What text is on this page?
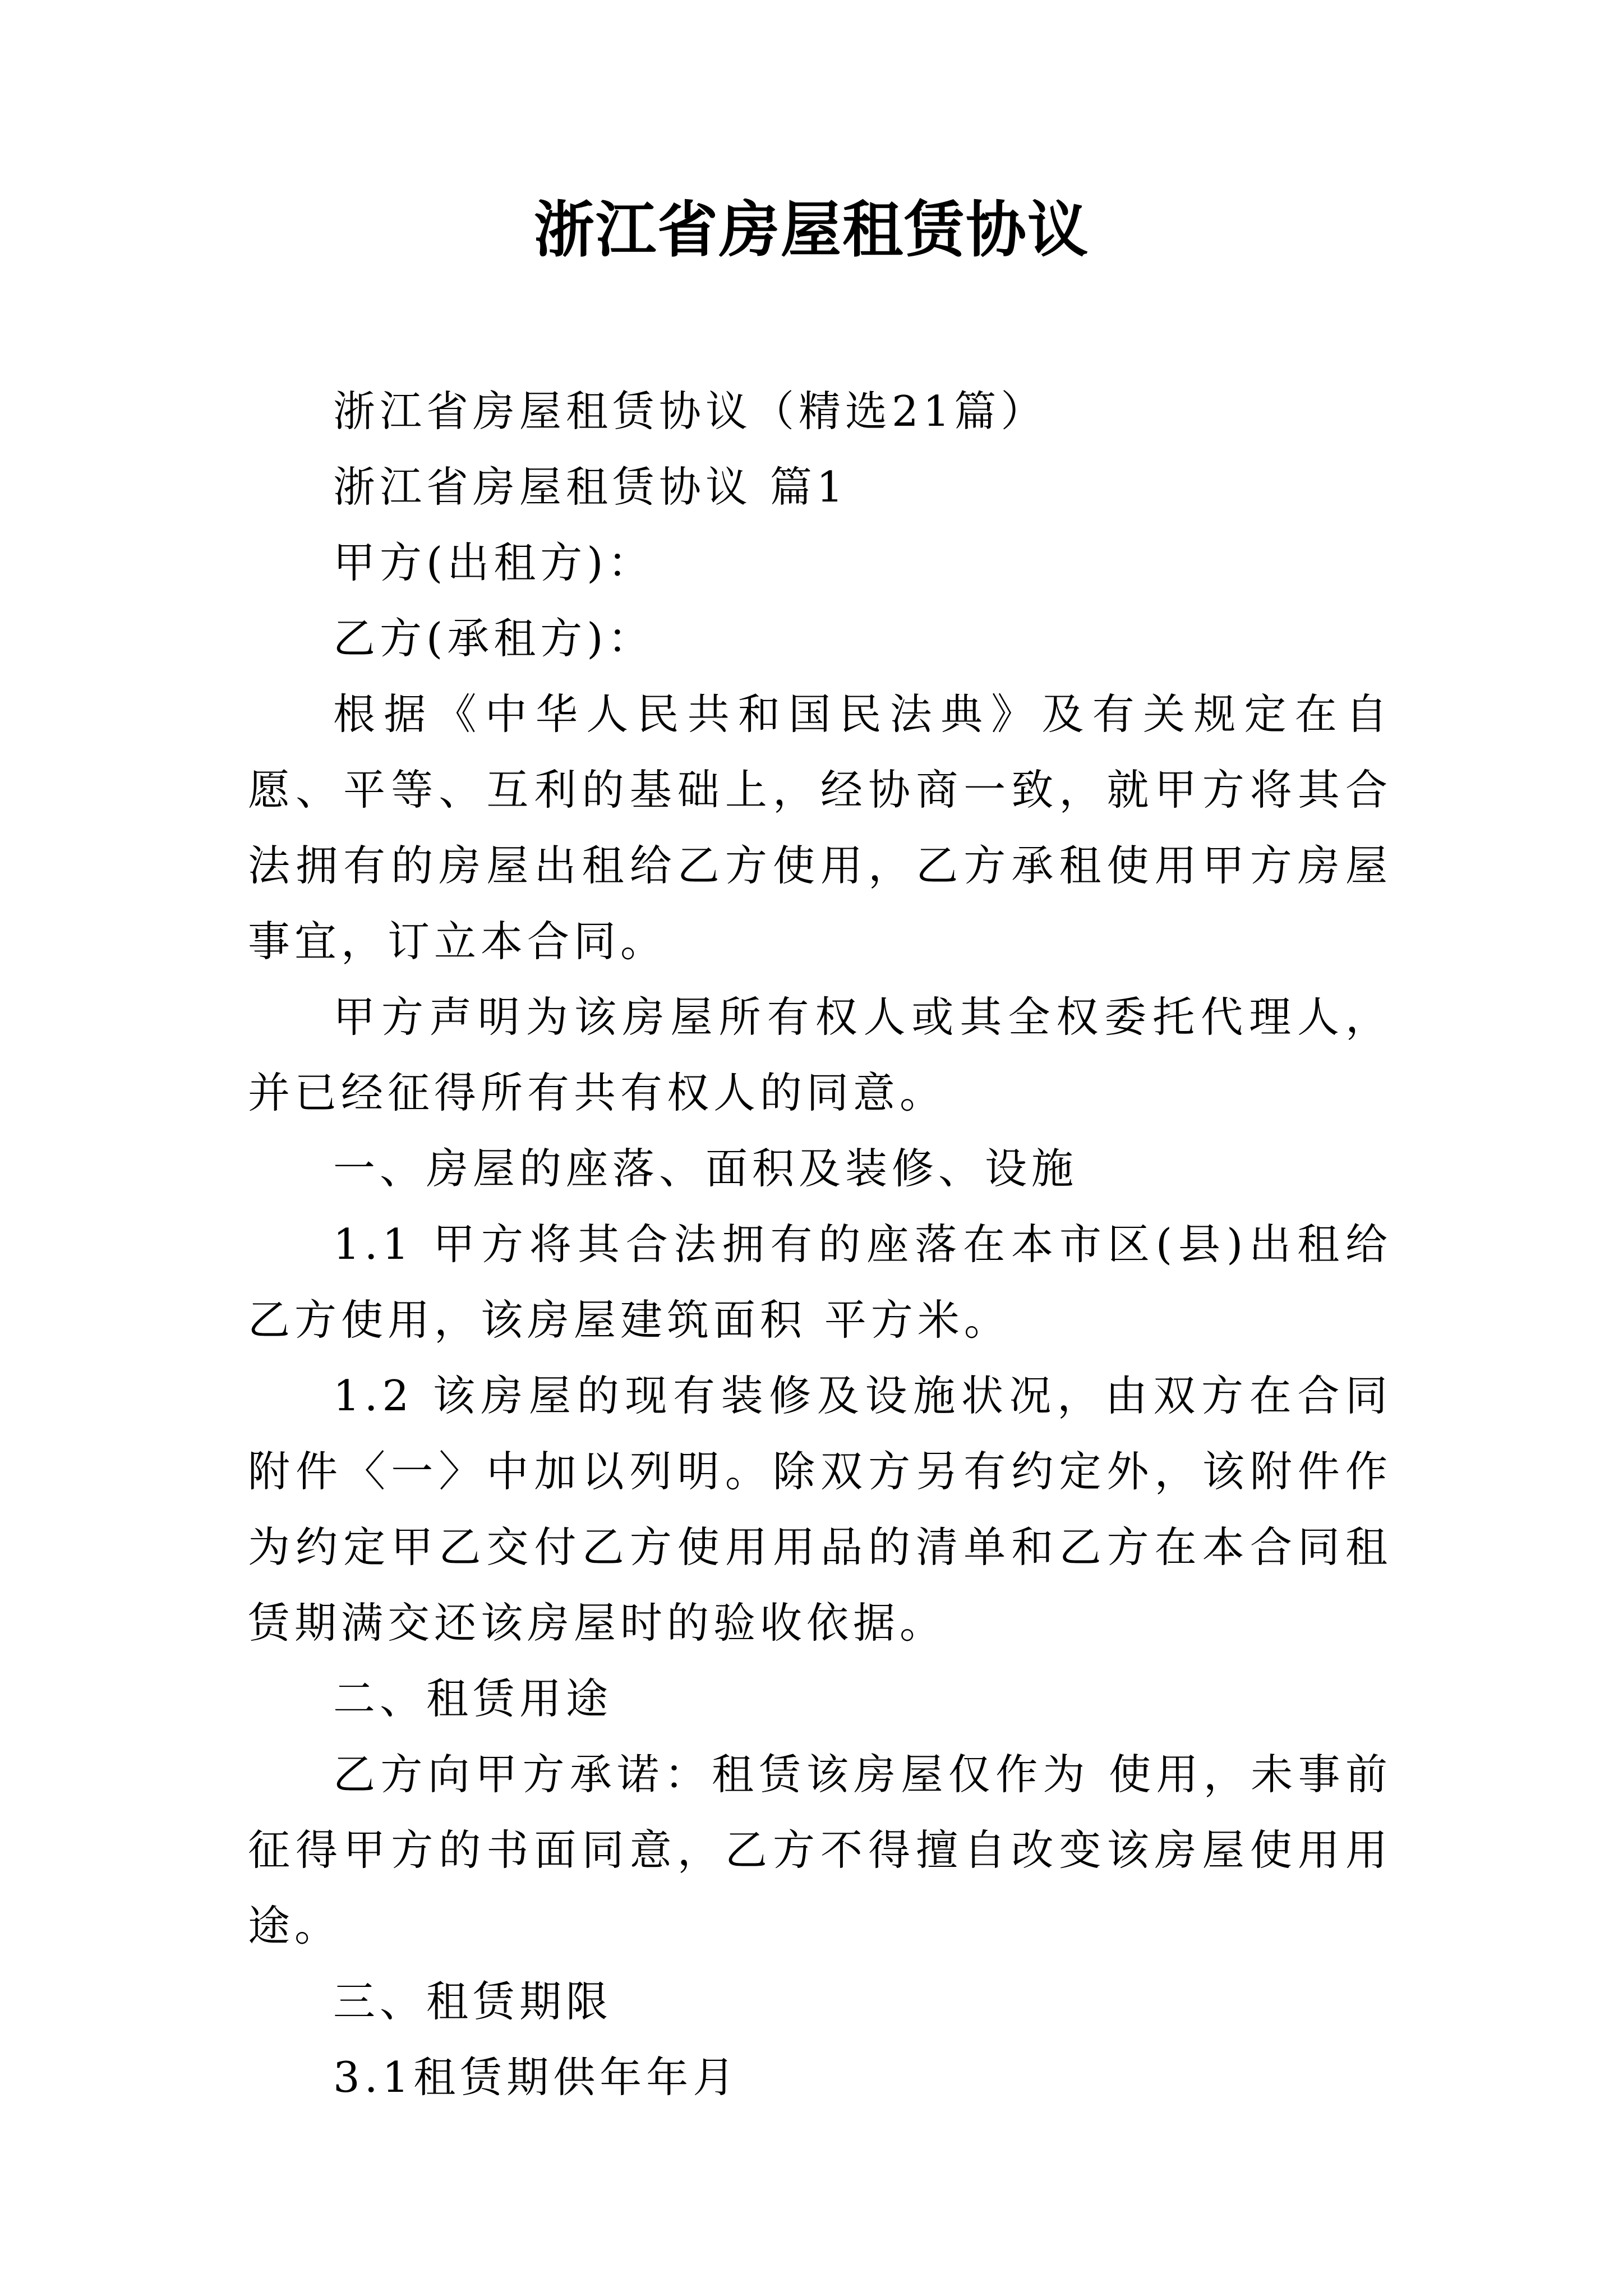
浙江省房屋租赁协议

浙江省房屋租赁协议（精选21篇）

浙江省房屋租赁协议 篇1

甲方(出租方)：

乙方(承租方)：

根据《中华人民共和国民法典》及有关规定在自愿、平等、互利的基础上，经协商一致，就甲方将其合法拥有的房屋出租给乙方使用，乙方承租使用甲方房屋事宜，订立本合同。

甲方声明为该房屋所有权人或其全权委托代理人，并已经征得所有共有权人的同意。

一、房屋的座落、面积及装修、设施

1.1 甲方将其合法拥有的座落在本市区(县)出租给乙方使用，该房屋建筑面积 平方米。

1.2 该房屋的现有装修及设施状况，由双方在合同附件〈一〉中加以列明。除双方另有约定外，该附件作为约定甲乙交付乙方使用用品的清单和乙方在本合同租赁期满交还该房屋时的验收依据。

二、租赁用途

乙方向甲方承诺：租赁该房屋仅作为 使用，未事前征得甲方的书面同意，乙方不得擅自改变该房屋使用用途。

三、租赁期限

3.1租赁期供年年月
